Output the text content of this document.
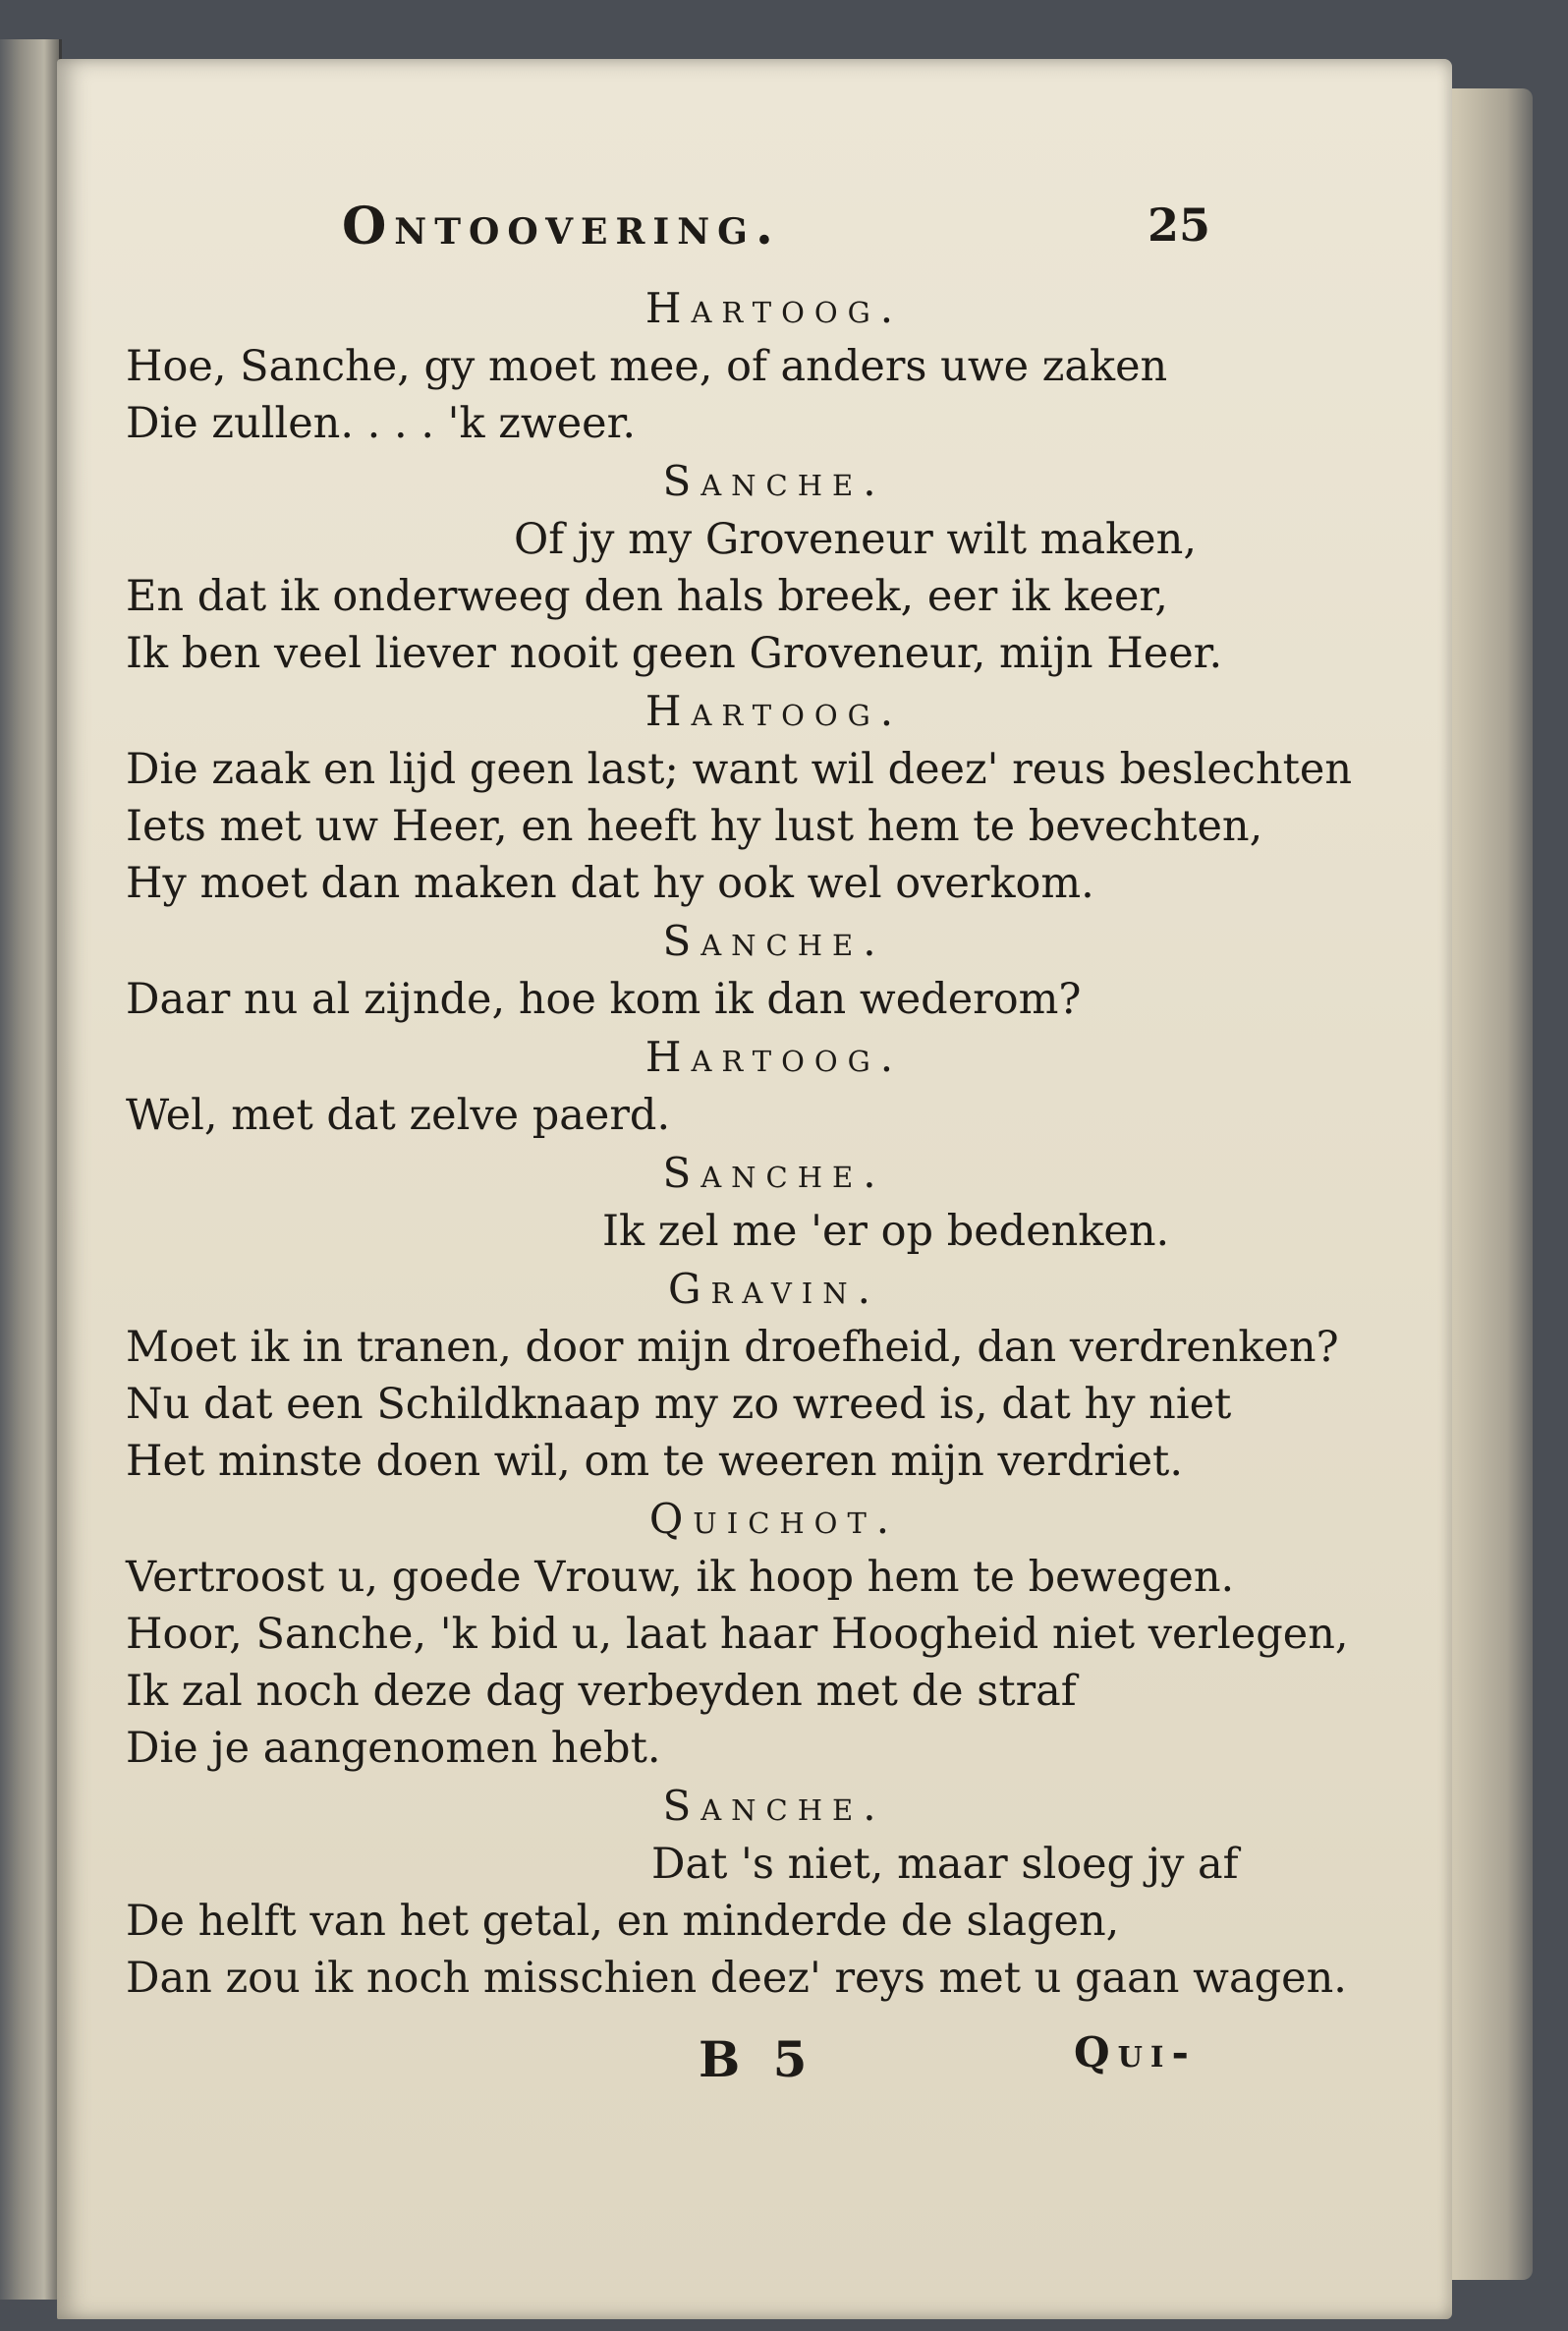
Ontoovering.	25
Hartoog.
Hoe, Sanche, gy moet mee, of anders uwe zaken
Die zullen. . . . 'k zweer.
Sanche.
Of jy my Groveneur wilt maken,
En dat ik onderweeg den hals breek, eer ik keer,
Ik ben veel liever nooit geen Groveneur, mijn Heer.
Hartoog.
Die zaak en lijd geen last; want wil deez' reus beslechten
Iets met uw Heer, en heeft hy lust hem te bevechten,
Hy moet dan maken dat hy ook wel overkom.
Sanche.
Daar nu al zijnde, hoe kom ik dan wederom?
Hartoog.
Wel, met dat zelve paerd.
Sanche.
Ik zel me 'er op bedenken.
Gravin.
Moet ik in tranen, door mijn droefheid, dan verdrenken?
Nu dat een Schildknaap my zo wreed is, dat hy niet
Het minste doen wil, om te weeren mijn verdriet.
Quichot.
Vertroost u, goede Vrouw, ik hoop hem te bewegen.
Hoor, Sanche, 'k bid u, laat haar Hoogheid niet verlegen,
Ik zal noch deze dag verbeyden met de straf
Die je aangenomen hebt.
Sanche.
Dat 's niet, maar sloeg jy af
De helft van het getal, en minderde de slagen,
Dan zou ik noch misschien deez' reys met u gaan wagen.
B 5	Qui-
